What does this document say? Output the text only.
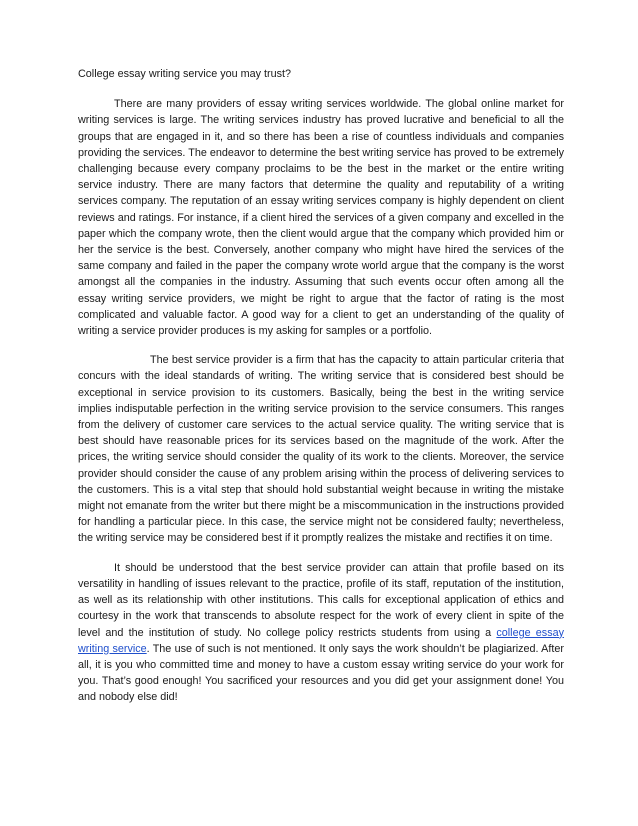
College essay writing service you may trust?

There are many providers of essay writing services worldwide. The global online market for writing services is large. The writing services industry has proved lucrative and beneficial to all the groups that are engaged in it, and so there has been a rise of countless individuals and companies providing the services. The endeavor to determine the best writing service has proved to be extremely challenging because every company proclaims to be the best in the market or the entire writing service industry. There are many factors that determine the quality and reputability of a writing services company. The reputation of an essay writing services company is highly dependent on client reviews and ratings. For instance, if a client hired the services of a given company and excelled in the paper which the company wrote, then the client would argue that the company which provided him or her the service is the best. Conversely, another company who might have hired the services of the same company and failed in the paper the company wrote world argue that the company is the worst amongst all the companies in the industry. Assuming that such events occur often among all the essay writing service providers, we might be right to argue that the factor of rating is the most complicated and valuable factor. A good way for a client to get an understanding of the quality of writing a service provider produces is my asking for samples or a portfolio.

The best service provider is a firm that has the capacity to attain particular criteria that concurs with the ideal standards of writing. The writing service that is considered best should be exceptional in service provision to its customers. Basically, being the best in the writing service implies indisputable perfection in the writing service provision to the service consumers. This ranges from the delivery of customer care services to the actual service quality. The writing service that is best should have reasonable prices for its services based on the magnitude of the work. After the prices, the writing service should consider the quality of its work to the clients. Moreover, the service provider should consider the cause of any problem arising within the process of delivering services to the customers. This is a vital step that should hold substantial weight because in writing the mistake might not emanate from the writer but there might be a miscommunication in the instructions provided for handling a particular piece. In this case, the service might not be considered faulty; nevertheless, the writing service may be considered best if it promptly realizes the mistake and rectifies it on time.

It should be understood that the best service provider can attain that profile based on its versatility in handling of issues relevant to the practice, profile of its staff, reputation of the institution, as well as its relationship with other institutions. This calls for exceptional application of ethics and courtesy in the work that transcends to absolute respect for the work of every client in spite of the level and the institution of study. No college policy restricts students from using a college essay writing service. The use of such is not mentioned. It only says the work shouldn’t be plagiarized. After all, it is you who committed time and money to have a custom essay writing service do your work for you. That’s good enough! You sacrificed your resources and you did get your assignment done! You and nobody else did!
